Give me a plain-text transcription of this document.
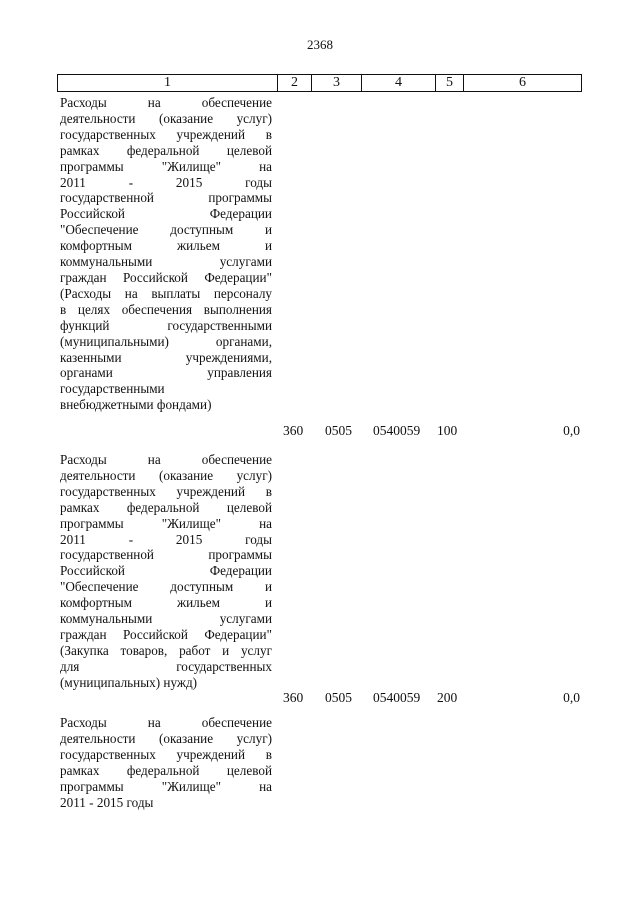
2368
1	2	3	4	5	6
Расходы на обеспечение
деятельности (оказание услуг)
государственных учреждений в
рамках федеральной целевой
программы "Жилище" на
2011 - 2015 годы
государственной программы
Российской Федерации
"Обеспечение доступным и
комфортным жильем и
коммунальными услугами
граждан Российской Федерации"
(Расходы на выплаты персоналу
в целях обеспечения выполнения
функций государственными
(муниципальными) органами,
казенными учреждениями,
органами управления
государственными
внебюджетными фондами)
360 0505 0540059 100	0,0
Расходы на обеспечение
деятельности (оказание услуг)
государственных учреждений в
рамках федеральной целевой
программы "Жилище" на
2011 - 2015 годы
государственной программы
Российской Федерации
"Обеспечение доступным и
комфортным жильем и
коммунальными услугами
граждан Российской Федерации"
(Закупка товаров, работ и услуг
для государственных
(муниципальных) нужд)
360 0505 0540059 200	0,0
Расходы на обеспечение
деятельности (оказание услуг)
государственных учреждений в
рамках федеральной целевой
программы "Жилище" на
2011 - 2015 годы
